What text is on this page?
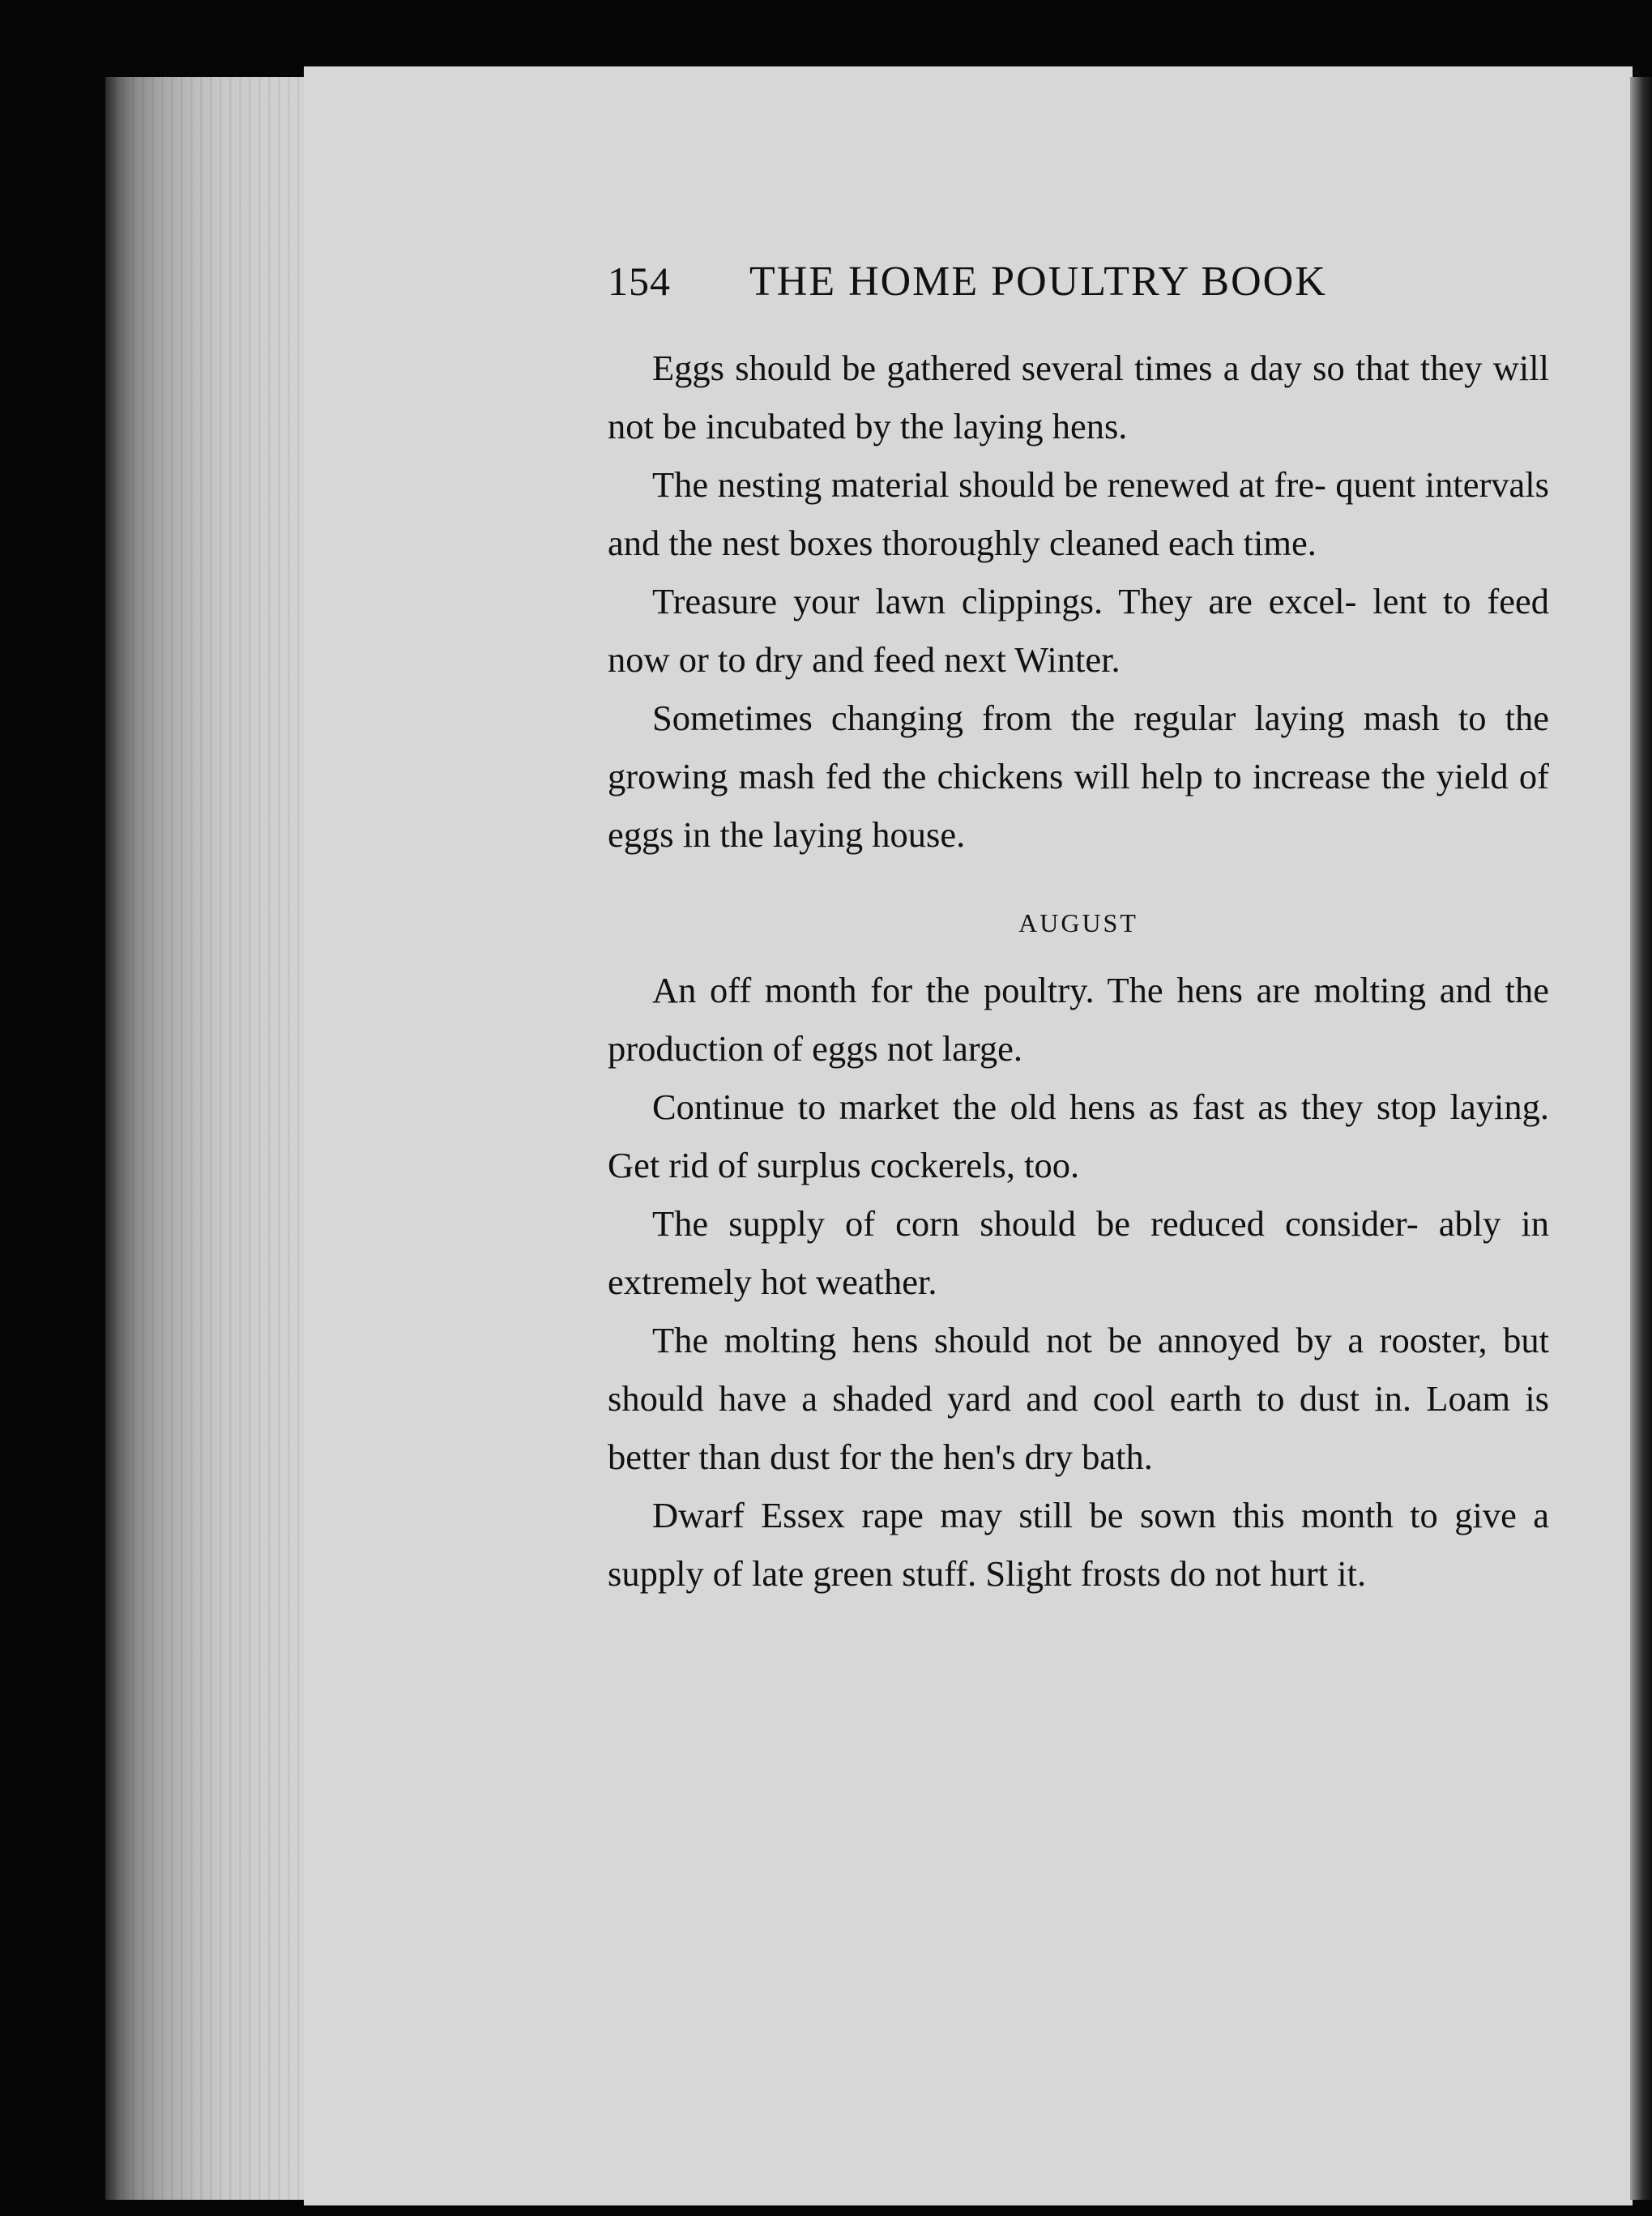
154	THE HOME POULTRY BOOK

Eggs should be gathered several times a day so that they will not be incubated by the laying hens.

The nesting material should be renewed at fre- quent intervals and the nest boxes thoroughly cleaned each time.

Treasure your lawn clippings. They are excel- lent to feed now or to dry and feed next Winter.

Sometimes changing from the regular laying mash to the growing mash fed the chickens will help to increase the yield of eggs in the laying house.

AUGUST

An off month for the poultry. The hens are molting and the production of eggs not large.

Continue to market the old hens as fast as they stop laying. Get rid of surplus cockerels, too.

The supply of corn should be reduced consider- ably in extremely hot weather.

The molting hens should not be annoyed by a rooster, but should have a shaded yard and cool earth to dust in. Loam is better than dust for the hen's dry bath.

Dwarf Essex rape may still be sown this month to give a supply of late green stuff. Slight frosts do not hurt it.
